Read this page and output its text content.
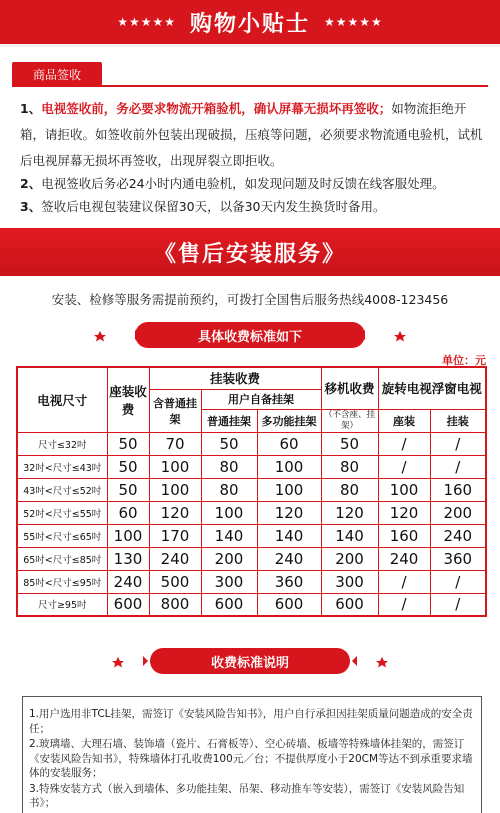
★★★★★ 购物小贴士 ★★★★★
商品签收
1、电视签收前，务必要求物流开箱验机，确认屏幕无损坏再签收；如物流拒绝开箱，请拒收。如签收前外包装出现破损，压痕等问题，必须要求物流通电验机，试机后电视屏幕无损坏再签收，出现屏裂立即拒收。
2、电视签收后务必24小时内通电验机，如发现问题及时反馈在线客服处理。
3、签收后电视包装建议保留30天，以备30天内发生换货时备用。
《售后安装服务》
安装、检修等服务需提前预约，可拨打全国售后服务热线4008-123456
具体收费标准如下
单位：元
电视尺寸	座装收费	挂装收费			移机收费	旋转电视浮窗电视	
		含普通挂架	用户自备挂架				
			普通挂架	多功能挂架	（不含座、挂架）	座装	挂装
尺寸≤32吋	50	70	50	60	50	/	/
32吋<尺寸≤43吋	50	100	80	100	80	/	/
43吋<尺寸≤52吋	50	100	80	100	80	100	160
52吋<尺寸≤55吋	60	120	100	120	120	120	200
55吋<尺寸≤65吋	100	170	140	140	140	160	240
65吋<尺寸≤85吋	130	240	200	240	200	240	360
85吋<尺寸≤95吋	240	500	300	360	300	/	/
尺寸≥95吋	600	800	600	600	600	/	/
收费标准说明

1.用户选用非TCL挂架，需签订《安装风险告知书》，用户自行承担因挂架质量问题造成的安全责任；

2.玻璃墙、大理石墙、装饰墙（瓷片、石膏板等）、空心砖墙、板墙等特殊墙体挂架的，需签订《安装风险告知书》，特殊墙体打孔收费100元／台；不提供厚度小于20CM等达不到承重要求墙体的安装服务；

3.特殊安装方式（嵌入到墙体、多功能挂架、吊架、移动推车等安装），需签订《安装风险告知书》；
